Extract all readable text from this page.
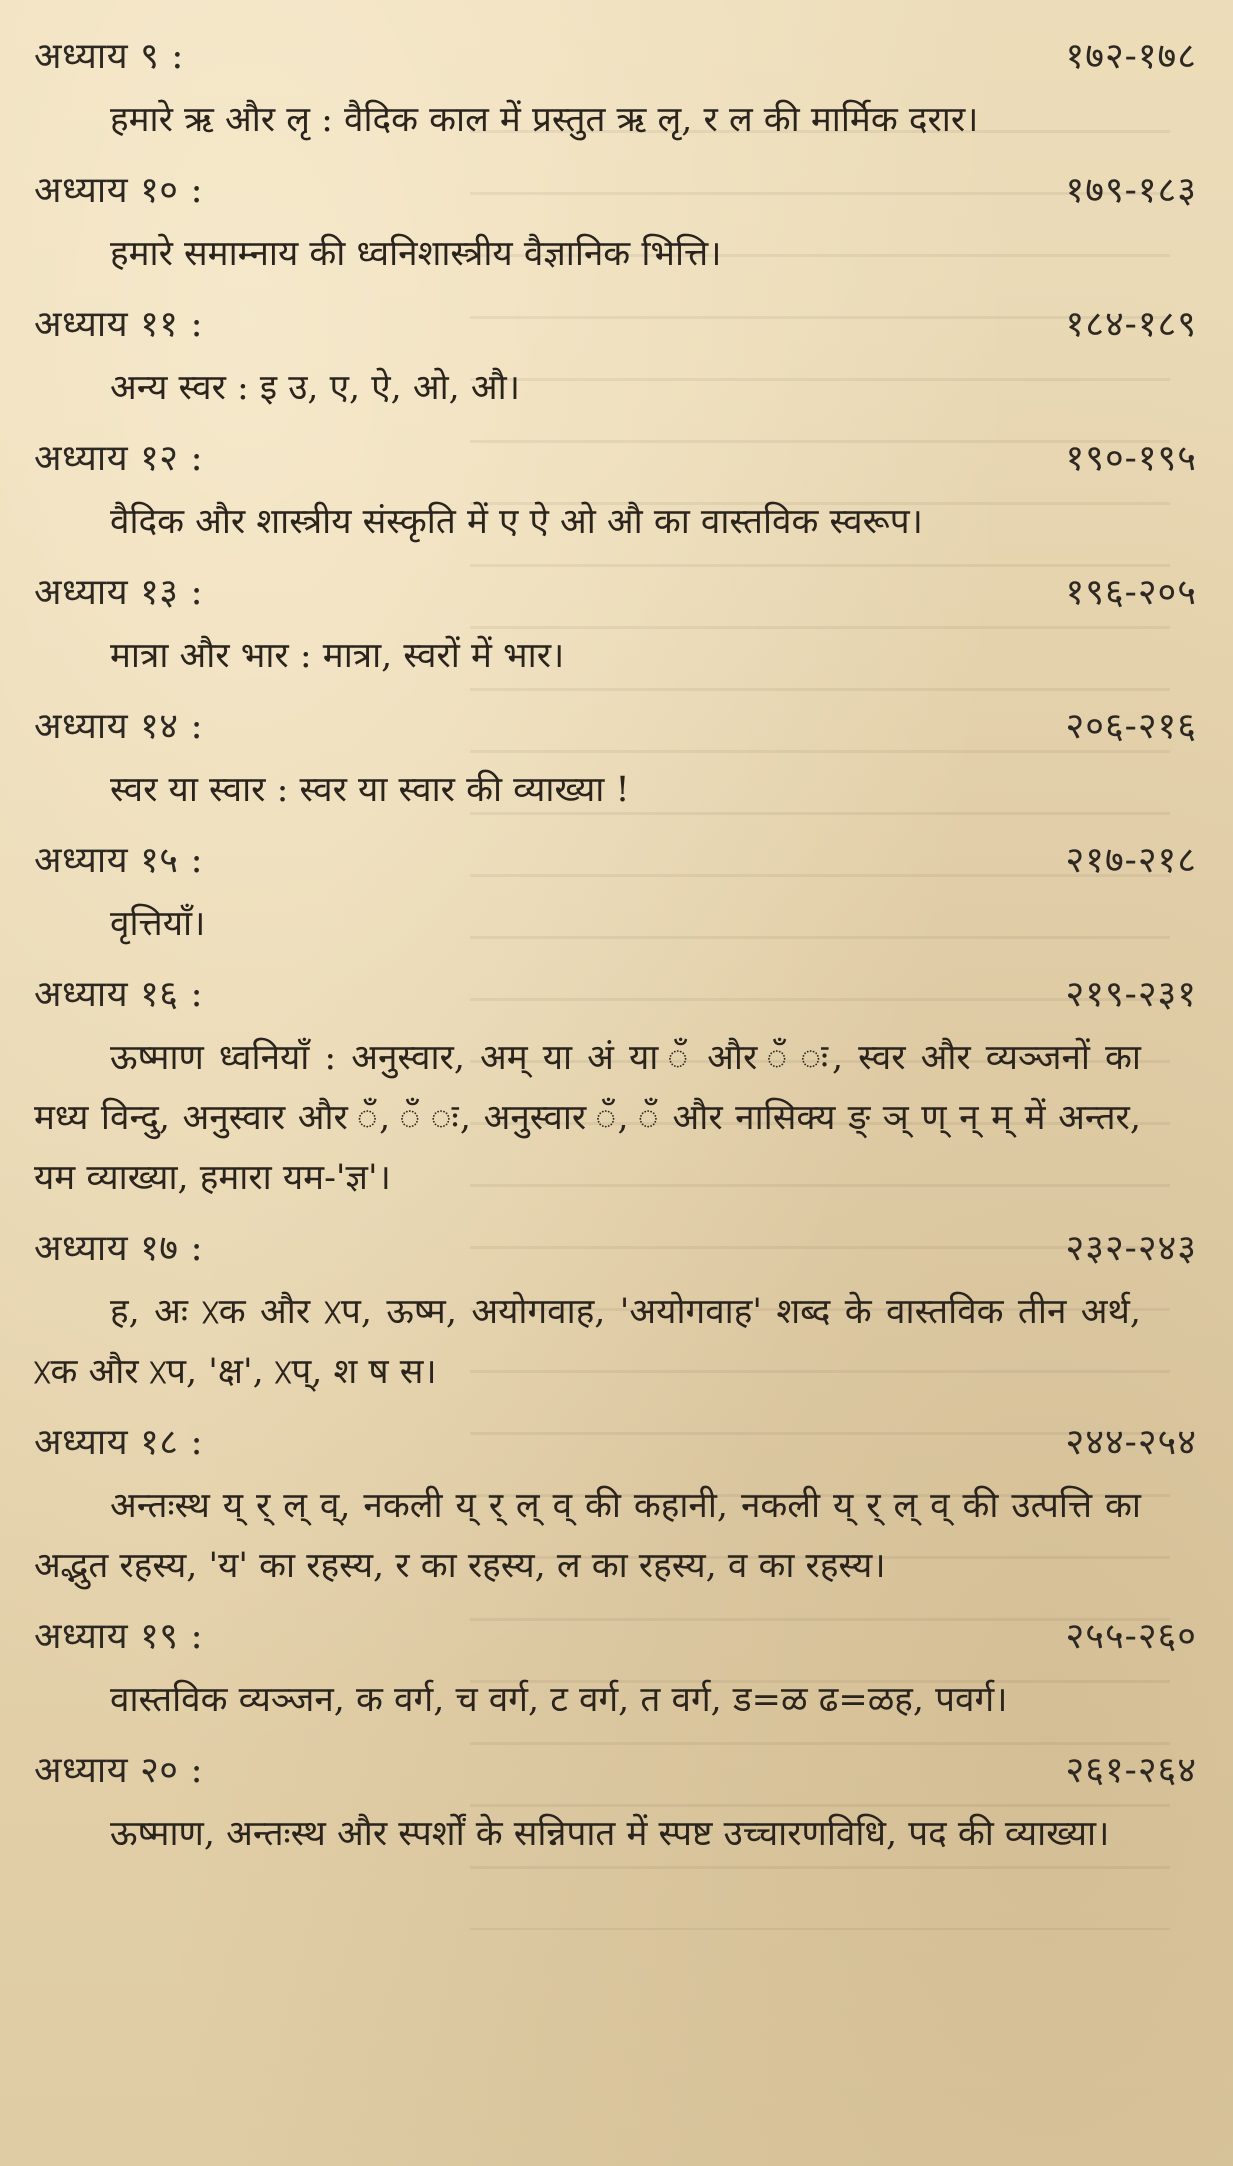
अध्याय ९ :	१७२-१७८
हमारे ऋ और लृ : वैदिक काल में प्रस्तुत ऋ लृ, र ल की मार्मिक दरार।
अध्याय १० :	१७९-१८३
हमारे समाम्नाय की ध्वनिशास्त्रीय वैज्ञानिक भित्ति।
अध्याय ११ :	१८४-१८९
अन्य स्वर : इ उ, ए, ऐ, ओ, औ।
अध्याय १२ :	१९०-१९५
वैदिक और शास्त्रीय संस्कृति में ए ऐ ओ औ का वास्तविक स्वरूप।
अध्याय १३ :	१९६-२०५
मात्रा और भार : मात्रा, स्वरों में भार।
अध्याय १४ :	२०६-२१६
स्वर या स्वार : स्वर या स्वार की व्याख्या !
अध्याय १५ :	२१७-२१८
वृत्तियाँ।
अध्याय १६ :	२१९-२३१
ऊष्माण ध्वनियाँ : अनुस्वार, अम् या अं या ँ और ँ ः, स्वर और व्यञ्जनों का मध्य विन्दु, अनुस्वार और ँ, ँ ः, अनुस्वार ँ, ँ और नासिक्य ङ् ञ् ण् न् म् में अन्तर, यम व्याख्या, हमारा यम-'ज्ञ'।
अध्याय १७ :	२३२-२४३
ह, अः ᳵक और ᳵप, ऊष्म, अयोगवाह, 'अयोगवाह' शब्द के वास्तविक तीन अर्थ, ᳵक और ᳵप, 'क्ष', ᳵप्, श ष स।
अध्याय १८ :	२४४-२५४
अन्तःस्थ य् र् ल् व्, नकली य् र् ल् व् की कहानी, नकली य् र् ल् व् की उत्पत्ति का अद्भुत रहस्य, 'य' का रहस्य, र का रहस्य, ल का रहस्य, व का रहस्य।
अध्याय १९ :	२५५-२६०
वास्तविक व्यञ्जन, क वर्ग, च वर्ग, ट वर्ग, त वर्ग, ड=ळ ढ=ळह, पवर्ग।
अध्याय २० :	२६१-२६४
ऊष्माण, अन्तःस्थ और स्पर्शों के सन्निपात में स्पष्ट उच्चारणविधि, पद की व्याख्या।
